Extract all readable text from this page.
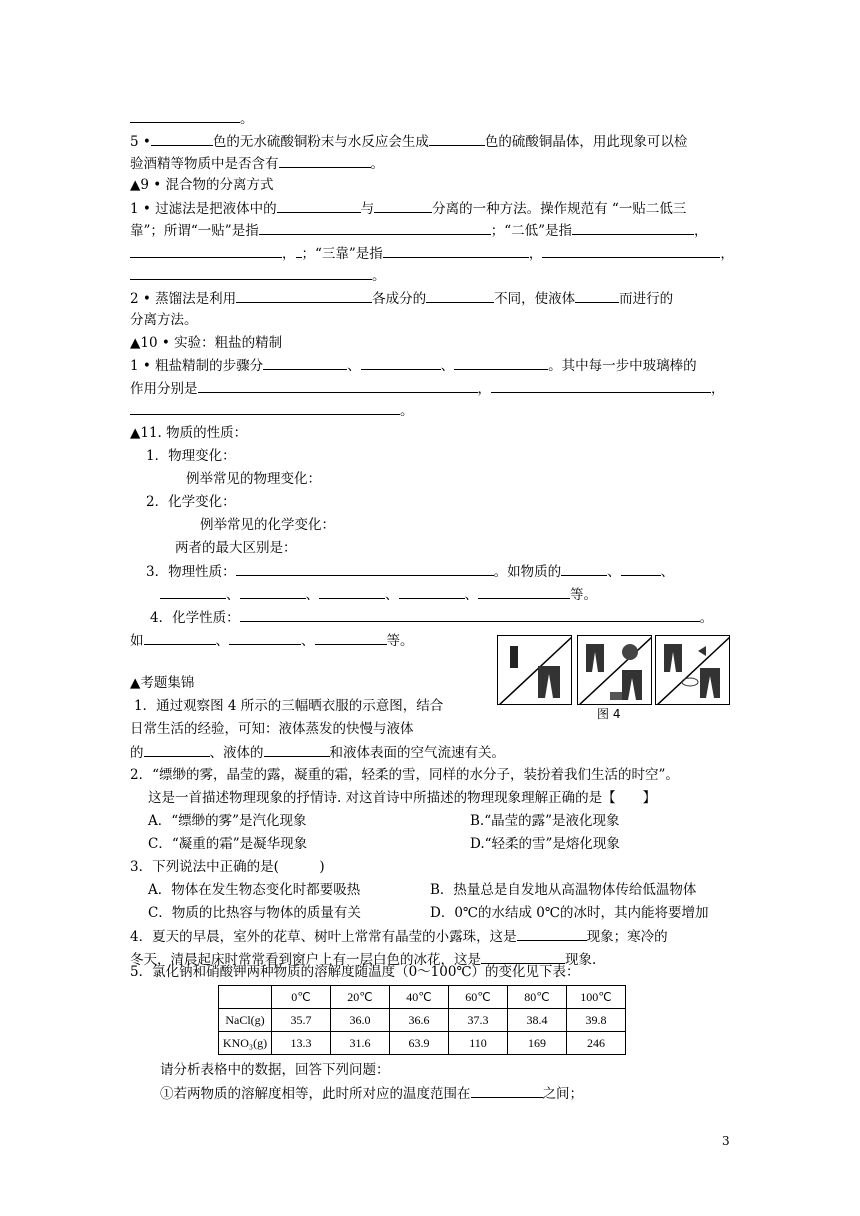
。
5 •	色的无水硫酸铜粉末与水反应会生成	色的硫酸铜晶体，用此现象可以检
验酒精等物质中是否含有	。
▲9 • 混合物的分离方式
1 • 过滤法是把液体中的	与	分离的一种方法。操作规范有 “一贴二低三
靠”；所谓“一贴”是指	；“二低”是指	，
， ；“三靠”是指	，	，
。
2 • 蒸馏法是利用	各成分的	不同，使液体	而进行的
分离方法。
▲10 • 实验：粗盐的精制
1 • 粗盐精制的步骤分	、	、	。其中每一步中玻璃棒的
作用分别是	，	，
。
▲11. 物质的性质：
1．物理变化：
例举常见的物理变化：
2．化学变化：
例举常见的化学变化：
两者的最大区别是：
3．物理性质：	。如物质的	、	、
、	、	、	、	等。
4．化学性质：	。
如	、	、	等。
图 4
▲考题集锦
1．通过观察图 4 所示的三幅晒衣服的示意图，结合
日常生活的经验，可知：液体蒸发的快慢与液体
的	、液体的	和液体表面的空气流速有关。
2．“缥缈的雾，晶莹的露，凝重的霜，轻柔的雪，同样的水分子，装扮着我们生活的时空”。
这是一首描述物理现象的抒情诗. 对这首诗中所描述的物理现象理解正确的是【　　】
A．“缥缈的雾”是汽化现象	B.“晶莹的露”是液化现象
C．“凝重的霜”是凝华现象	D.“轻柔的雪”是熔化现象
3．下列说法中正确的是(　　　)
A．物体在发生物态变化时都要吸热	B．热量总是自发地从高温物体传给低温物体
C．物质的比热容与物体的质量有关	D．0℃的水结成 0℃的冰时，其内能将要增加
4．夏天的早晨，室外的花草、树叶上常常有晶莹的小露珠，这是	现象；寒冷的
冬天，清晨起床时常常看到窗户上有一层白色的冰花，这是	现象.
5．氯化钠和硝酸钾两种物质的溶解度随温度（0～100℃）的变化见下表：
	0℃	20℃	40℃	60℃	80℃	100℃
NaCl(g)	35.7	36.0	36.6	37.3	38.4	39.8
KNO₃(g)	13.3	31.6	63.9	110	169	246
请分析表格中的数据，回答下列问题：
①若两物质的溶解度相等，此时所对应的温度范围在	之间；
3
